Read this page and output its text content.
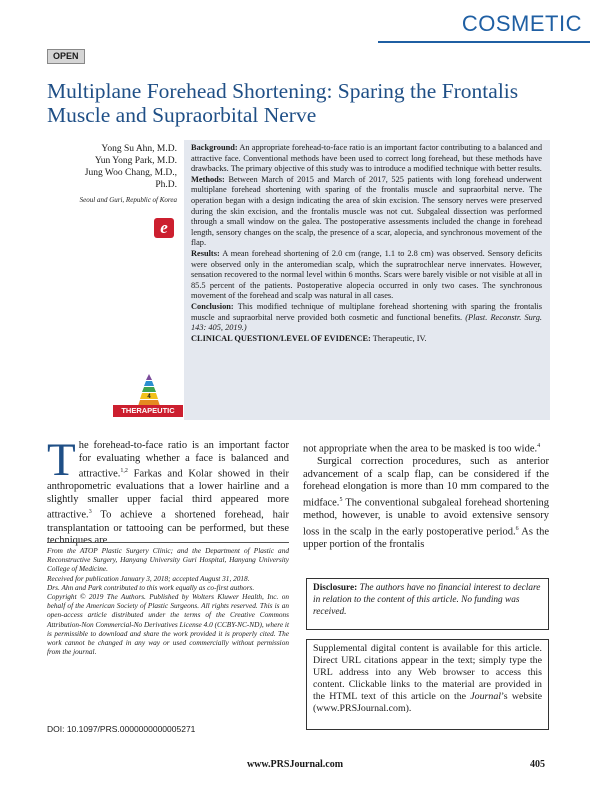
COSMETIC
OPEN
Multiplane Forehead Shortening: Sparing the Frontalis Muscle and Supraorbital Nerve
Yong Su Ahn, M.D.
Yun Yong Park, M.D.
Jung Woo Chang, M.D.,
Ph.D.
Seoul and Guri, Republic of Korea
e
4
THERAPEUTIC

Background: An appropriate forehead-to-face ratio is an important factor contributing to a balanced and attractive face. Conventional methods have been used to correct long forehead, but these methods have drawbacks. The primary objective of this study was to introduce a modified technique with better results.

Methods: Between March of 2015 and March of 2017, 525 patients with long forehead underwent multiplane forehead shortening with sparing of the frontalis muscle and supraorbital nerve. The operation began with a design indicating the area of skin excision. The sensory nerves were preserved during the skin excision, and the frontalis muscle was not cut. Subgaleal dissection was performed through a small window on the galea. The postoperative assessments included the change in forehead length, sensory changes on the scalp, the presence of a scar, alopecia, and synchronous movement of the flap.

Results: A mean forehead shortening of 2.0 cm (range, 1.1 to 2.8 cm) was observed. Sensory deficits were observed only in the anteromedian scalp, which the supratrochlear nerve innervates. However, sensation recovered to the normal level within 6 months. Scars were barely visible or not visible at all in 85.5 percent of the patients. Postoperative alopecia occurred in only two cases. The synchronous movement of the forehead and scalp was natural in all cases.

Conclusion: This modified technique of multiplane forehead shortening with sparing the frontalis muscle and supraorbital nerve provided both cosmetic and functional benefits. (Plast. Reconstr. Surg. 143: 405, 2019.)

CLINICAL QUESTION/LEVEL OF EVIDENCE: Therapeutic, IV.

The forehead-to-face ratio is an important factor for evaluating whether a face is balanced and attractive.$^{1,2}$ Farkas and Kolar showed in their anthropometric evaluations that a lower hairline and a slightly smaller upper facial third appeared more attractive.$^3$ To achieve a shortened forehead, hair transplantation or tattooing can be performed, but these techniques are

From the ATOP Plastic Surgery Clinic; and the Department of Plastic and Reconstructive Surgery, Hanyang University Guri Hospital, Hanyang University College of Medicine.

Received for publication January 3, 2018; accepted August 31, 2018.

Drs. Ahn and Park contributed to this work equally as co-first authors.

Copyright © 2019 The Authors. Published by Wolters Kluwer Health, Inc. on behalf of the American Society of Plastic Surgeons. All rights reserved. This is an open-access article distributed under the terms of the Creative Commons Attribution-Non Commercial-No Derivatives License 4.0 (CCBY-NC-ND), where it is permissible to download and share the work provided it is properly cited. The work cannot be changed in any way or used commercially without permission from the journal.

DOI: 10.1097/PRS.0000000000005271

not appropriate when the area to be masked is too wide.$^4$

Surgical correction procedures, such as anterior advancement of a scalp flap, can be considered if the forehead elongation is more than 10 mm compared to the midface.$^5$ The conventional subgaleal forehead shortening method, however, is unable to avoid extensive sensory loss in the scalp in the early postoperative period.$^6$ As the upper portion of the frontalis

Disclosure: The authors have no financial interest to declare in relation to the content of this article. No funding was received.
Supplemental digital content is available for this article. Direct URL citations appear in the text; simply type the URL address into any Web browser to access this content. Clickable links to the material are provided in the HTML text of this article on the Journal’s website (www.PRSJournal.com).
www.PRSJournal.com	405
